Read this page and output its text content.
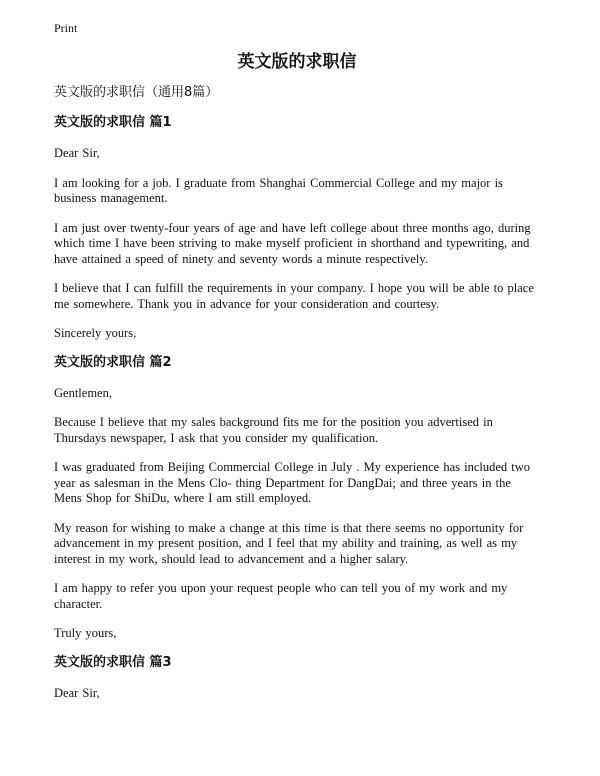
Print

英文版的求职信

英文版的求职信（通用8篇）

英文版的求职信 篇1

Dear Sir,

I am looking for a job. I graduate from Shanghai Commercial College and my major is business management.

I am just over twenty-four years of age and have left college about three months ago, during which time I have been striving to make myself proficient in shorthand and typewriting, and have attained a speed of ninety and seventy words a minute respectively.

I believe that I can fulfill the requirements in your company. I hope you will be able to place me somewhere. Thank you in advance for your consideration and courtesy.

Sincerely yours,

英文版的求职信 篇2

Gentlemen,

Because I believe that my sales background fits me for the position you advertised in Thursdays newspaper, I ask that you consider my qualification.

I was graduated from Beijing Commercial College in July . My experience has included two year as salesman in the Mens Clo- thing Department for DangDai; and three years in the Mens Shop for ShiDu, where I am still employed.

My reason for wishing to make a change at this time is that there seems no opportunity for advancement in my present position, and I feel that my ability and training, as well as my interest in my work, should lead to advancement and a higher salary.

I am happy to refer you upon your request people who can tell you of my work and my character.

Truly yours,

英文版的求职信 篇3

Dear Sir,
